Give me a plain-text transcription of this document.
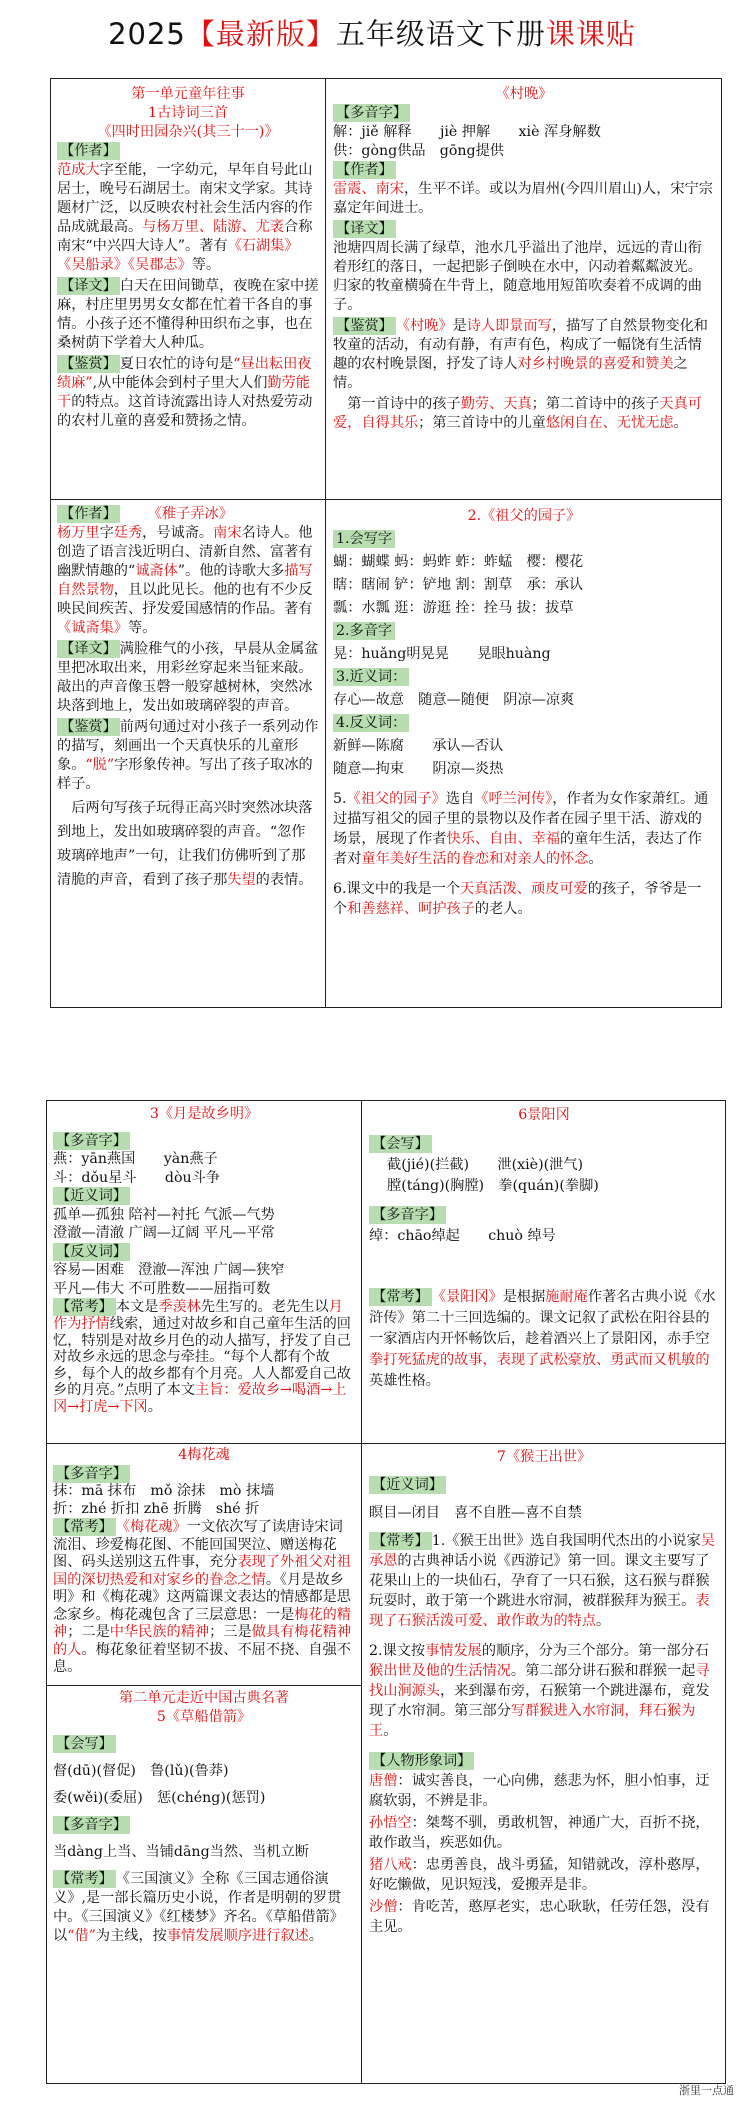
2025【最新版】五年级语文下册课课贴
第一单元童年往事
1古诗词三首
《四时田园杂兴(其三十一)》
【作者】

范成大字至能，一字幼元，早年自号此山居士，晚号石湖居士。南宋文学家。其诗题材广泛，以反映农村社会生活内容的作品成就最高。与杨万里、陆游、尤袤合称南宋“中兴四大诗人”。著有《石湖集》《吴船录》《吴郡志》等。

【译文】 白天在田间锄草，夜晚在家中搓麻，村庄里男男女女都在忙着干各自的事情。小孩子还不懂得种田织布之事，也在桑树荫下学着大人种瓜。

【鉴赏】 夏日农忙的诗句是“昼出耘田夜绩麻”,从中能体会到村子里大人们勤劳能干的特点。这首诗流露出诗人对热爱劳动的农村儿童的喜爱和赞扬之情。

《村晚》
【多音字】
解：jiě 解释　　jiè 押解　　xiè 浑身解数
供：gòng供品　gōng提供
【作者】

雷震、南宋，生平不详。或以为眉州(今四川眉山)人，宋宁宗嘉定年间进士。

【译文】

池塘四周长满了绿草，池水几乎溢出了池岸，远远的青山衔着形红的落日，一起把影子倒映在水中，闪动着粼粼波光。归家的牧童横骑在牛背上，随意地用短笛吹奏着不成调的曲子。

【鉴赏】 《村晚》是诗人即景而写，描写了自然景物变化和牧童的活动，有动有静，有声有色，构成了一幅饶有生活情趣的农村晚景图，抒发了诗人对乡村晚景的喜爱和赞美之情。

第一首诗中的孩子勤劳、天真；第二首诗中的孩子天真可爱，自得其乐；第三首诗中的儿童悠闲自在、无忧无虑。

【作者】 《稚子弄冰》

杨万里字廷秀，号诚斋。南宋名诗人。他创造了语言浅近明白、清新自然、富著有幽默情趣的“诚斋体”。他的诗歌大多描写自然景物，且以此见长。他的也有不少反映民间疾苦、抒发爱国感情的作品。著有《诚斋集》等。

【译文】 满脸稚气的小孩，早晨从金属盆里把冰取出来，用彩丝穿起来当钲来敲。敲出的声音像玉磬一般穿越树林，突然冰块落到地上，发出如玻璃碎裂的声音。

【鉴赏】 前两句通过对小孩子一系列动作的描写，刻画出一个天真快乐的儿童形象。“脱”字形象传神。写出了孩子取冰的样子。

后两句写孩子玩得正高兴时突然冰块落到地上，发出如玻璃碎裂的声音。“忽作玻璃碎地声”一句，让我们仿佛听到了那清脆的声音，看到了孩子那失望的表情。

2.《祖父的园子》
1.会写字
蝴：蝴蝶 蚂：蚂蚱 蚱：蚱蜢　樱：樱花
瞎：瞎闹 铲：铲地 割：割草　承：承认
瓢：水瓢 逛：游逛 拴：拴马 拔：拔草
2.多音字
晃：huǎng明晃晃　　晃眼huàng
3.近义词：
存心—故意　随意—随便　阴凉—凉爽
4.反义词：
新鲜—陈腐　　承认—否认
随意—拘束　　阴凉—炎热

5.《祖父的园子》选自《呼兰河传》，作者为女作家萧红。通过描写祖父的园子里的景物以及作者在园子里干活、游戏的场景，展现了作者快乐、自由、幸福的童年生活，表达了作者对童年美好生活的眷恋和对亲人的怀念。

6.课文中的我是一个天真活泼、顽皮可爱的孩子，爷爷是一个和善慈祥、呵护孩子的老人。

3《月是故乡明》
【多音字】
燕：yān燕国　　yàn燕子
斗：dǒu星斗　　dòu斗争
【近义词】
孤单—孤独 陪衬—衬托 气派—气势
澄澈—清澈 广阔—辽阔 平凡—平常
【反义词】
容易—困难　澄澈—浑浊 广阔—狭窄
平凡—伟大 不可胜数——屈指可数

【常考】 本文是季羡林先生写的。老先生以月作为抒情线索，通过对故乡和自己童年生活的回忆，特别是对故乡月色的动人描写，抒发了自己对故乡永远的思念与牵挂。“每个人都有个故乡，每个人的故乡都有个月亮。人人都爱自己故乡的月亮。”点明了本文主旨：爱故乡→喝酒→上冈→打虎→下冈。

6景阳冈
【会写】
截(jié)(拦截)　　泄(xiè)(泄气)
膛(táng)(胸膛)　拳(quán)(拳脚)
【多音字】
绰：chāo绰起　　chuò 绰号

【常考】 《景阳冈》是根据施耐庵作著名古典小说《水浒传》第二十三回选编的。课文记叙了武松在阳谷县的一家酒店内开怀畅饮后，趁着酒兴上了景阳冈，赤手空拳打死猛虎的故事，表现了武松豪放、勇武而又机敏的英雄性格。

4梅花魂
【多音字】
抹：mā 抹布　mǒ 涂抹　mò 抹墙
折：zhé 折扣 zhē 折腾　shé 折

【常考】 《梅花魂》一文依次写了读唐诗宋词流泪、珍爱梅花图、不能回国哭泣、赠送梅花图、码头送别这五件事，充分表现了外祖父对祖国的深切热爱和对家乡的眷念之情。《月是故乡明》和《梅花魂》这两篇课文表达的情感都是思念家乡。梅花魂包含了三层意思：一是梅花的精神；二是中华民族的精神；三是做具有梅花精神的人。梅花象征着坚韧不拔、不屈不挠、自强不息。

第二单元走近中国古典名著
5《草船借箭》
【会写】
督(dū)(督促)　鲁(lǔ)(鲁莽)
委(wěi)(委屈)　惩(chéng)(惩罚)
【多音字】
当dàng上当、当铺dāng当然、当机立断

【常考】 《三国演义》全称《三国志通俗演义》,是一部长篇历史小说，作者是明朝的罗贯中。《三国演义》《红楼梦》齐名。《草船借箭》以“借”为主线，按事情发展顺序进行叙述。

7《猴王出世》
【近义词】
瞑目—闭目　喜不自胜—喜不自禁

【常考】 1.《猴王出世》选自我国明代杰出的小说家吴承恩的古典神话小说《西游记》第一回。课文主要写了花果山上的一块仙石，孕育了一只石猴，这石猴与群猴玩耍时，敢于第一个跳进水帘洞，被群猴拜为猴王。表现了石猴活泼可爱、敢作敢为的特点。

2.课文按事情发展的顺序，分为三个部分。第一部分石猴出世及他的生活情况。第二部分讲石猴和群猴一起寻找山涧源头，来到瀑布旁，石猴第一个跳进瀑布，竟发现了水帘洞。第三部分写群猴进入水帘洞，拜石猴为王。

【人物形象词】

唐僧：诚实善良，一心向佛，慈悲为怀，胆小怕事，迂腐软弱，不辨是非。

孙悟空：桀骜不驯，勇敢机智，神通广大，百折不挠，敢作敢当，疾恶如仇。

猪八戒：忠勇善良，战斗勇猛，知错就改，淳朴憨厚，好吃懒做，见识短浅，爱搬弄是非。

沙僧：肯吃苦，憨厚老实，忠心耿耿，任劳任怨，没有主见。

浙里一点通
